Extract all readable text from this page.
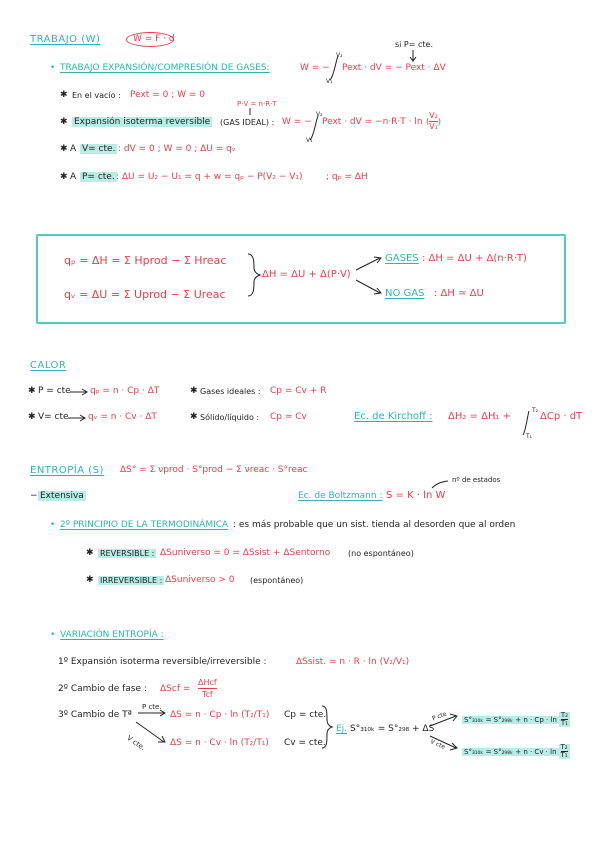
TRABAJO (W)	W = F · d
si P= cte.
• TRABAJO EXPANSIÓN/COMPRESIÓN DE GASES:	W = −
V₂
V₁
Pext · dV = − Pext · ΔV
✱ En el vacío : Pext = 0 ; W = 0
P·V = n·R·T
✱ Expansión isoterma reversible (GAS IDEAL) : W = −
V₂
V₁
Pext · dV = −n·R·T · ln ( $\frac{\text{V₂}}{\text{V₁}}$ )
✱ A V= cte. : dV = 0 ; W = 0 ; ΔU = qᵥ
✱ A P= cte. : ΔU = U₂ − U₁ = q + w = qₚ − P(V₂ − V₁)	; qₚ = ΔH
qₚ = ΔH = Σ Hprod − Σ Hreac
qᵥ = ΔU = Σ Uprod − Σ Ureac
ΔH = ΔU + Δ(P·V)
GASES : ΔH = ΔU + Δ(n·R·T)
NO GAS : ΔH ≃ ΔU
CALOR
✱ P = cte qₚ = n · Cp · ΔT	✱ Gases ideales : Cp = Cv + R
✱ V= cte qᵥ = n · Cv · ΔT	✱ Sólido/líquido : Cp ≃ Cv	Ec. de Kirchoff : ΔH₂ = ΔH₁ +
T₂
T₁
ΔCp · dT
ENTROPÍA (S) ΔS° = Σ νprod · S°prod − Σ νreac · S°reac
− Extensiva	Ec. de Boltzmann : S = K · ln W
nº de estados
• 2º PRINCIPIO DE LA TERMODINÁMICA : es más probable que un sist. tienda al desorden que al orden
✱ REVERSIBLE : ΔSuniverso = 0 = ΔSsist + ΔSentorno (no espontáneo)
✱ IRREVERSIBLE : ΔSuniverso > 0 (espontáneo)
• VARIACIÓN ENTROPÍA :
1º Expansión isoterma reversible/irreversible :	ΔSsist. = n · R · ln (V₂/V₁)
2º Cambio de fase : ΔScf =
ΔHcf
Tcf
3º Cambio de Tª
P cte.
V cte.
ΔS = n · Cp · ln (T₂/T₁) Cp = cte.
ΔS = n · Cv · ln (T₂/T₁) Cv = cte.
Ej. S°₃₁₀ₖ = S°₂₉₈ + ΔS
P cte
V cte
$S^\circ_{310k} = S^\circ_{298k} + n \cdot Cp \cdot \ln \frac{\text{T₂}}{\text{T₁}}$
$S^\circ_{310k} = S^\circ_{298k} + n \cdot Cv \cdot \ln \frac{\text{T₂}}{\text{T₁}}$
